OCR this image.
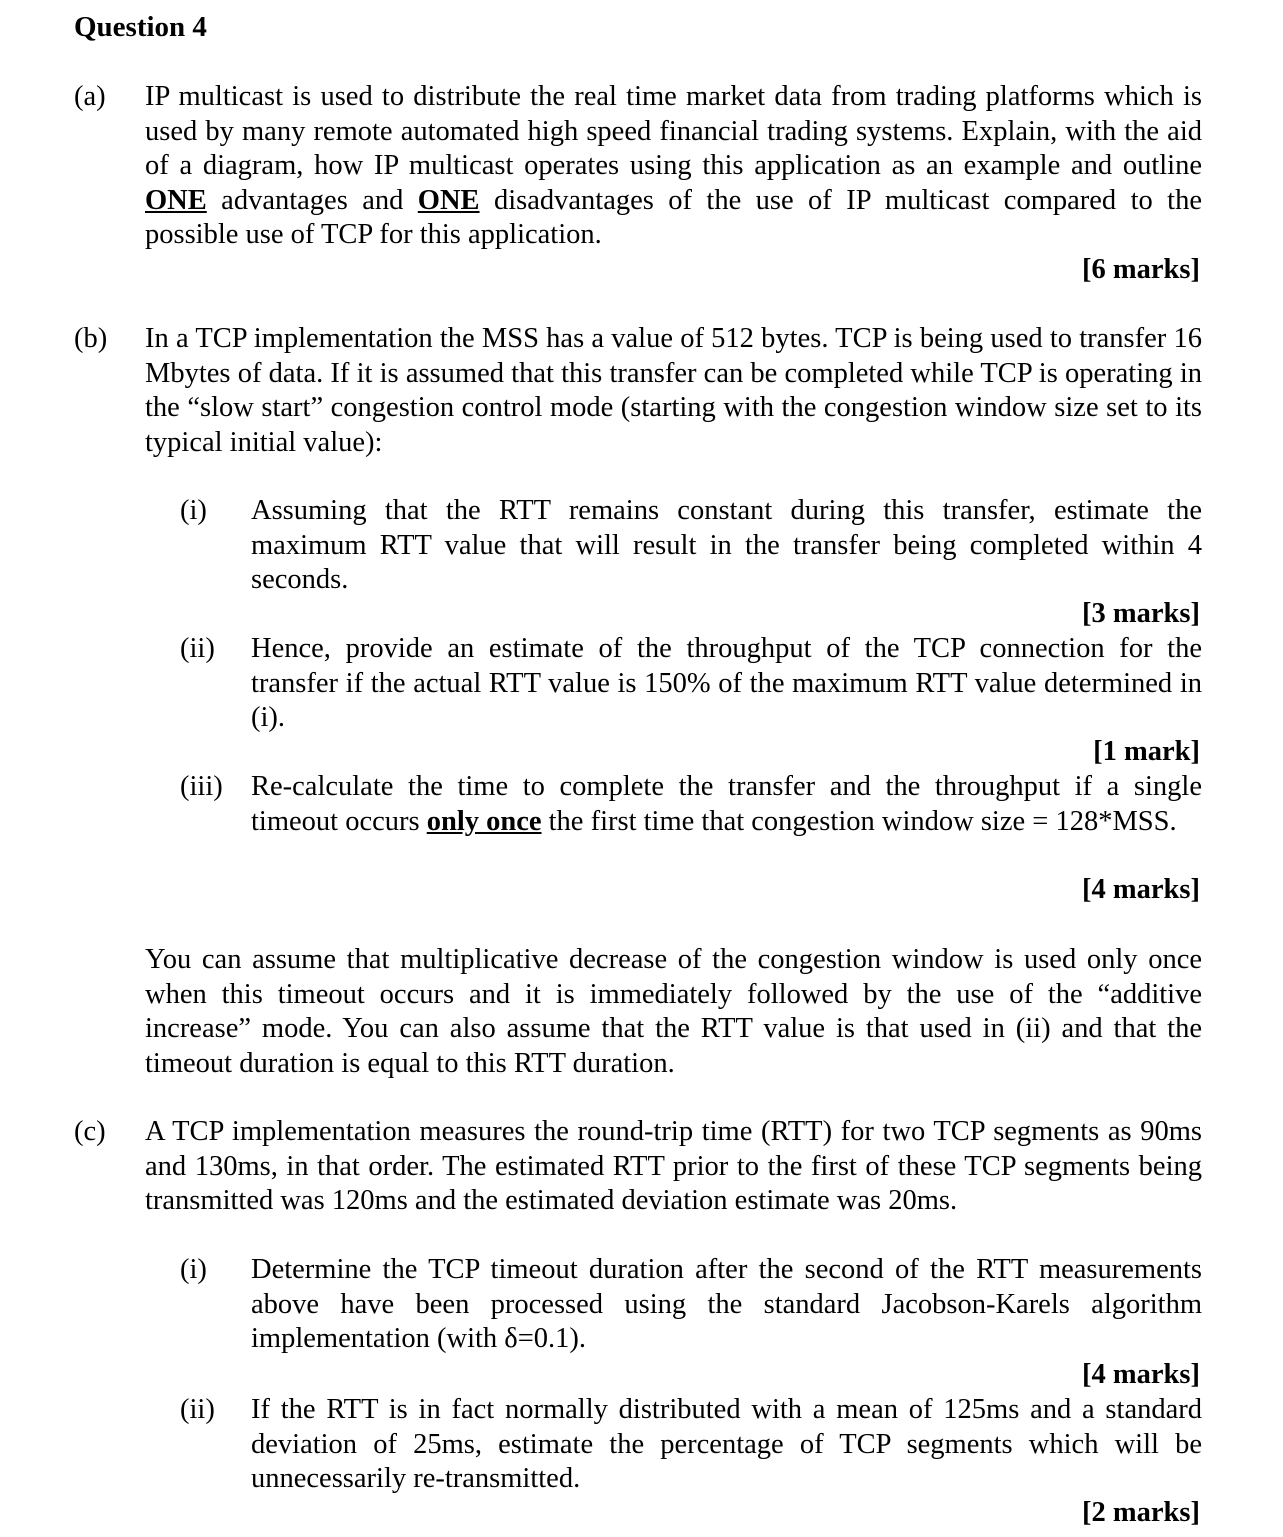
Question 4
(a) IP multicast is used to distribute the real time market data from trading platforms which is used by many remote automated high speed financial trading systems. Explain, with the aid of a diagram, how IP multicast operates using this application as an example and outline ONE advantages and ONE disadvantages of the use of IP multicast compared to the possible use of TCP for this application.
[6 marks]
(b) In a TCP implementation the MSS has a value of 512 bytes. TCP is being used to transfer 16 Mbytes of data. If it is assumed that this transfer can be completed while TCP is operating in the “slow start” congestion control mode (starting with the congestion window size set to its typical initial value):
(i) Assuming that the RTT remains constant during this transfer, estimate the maximum RTT value that will result in the transfer being completed within 4 seconds.
[3 marks]
(ii) Hence, provide an estimate of the throughput of the TCP connection for the transfer if the actual RTT value is 150% of the maximum RTT value determined in (i).
[1 mark]
(iii) Re-calculate the time to complete the transfer and the throughput if a single timeout occurs only once the first time that congestion window size = 128*MSS.
[4 marks]
You can assume that multiplicative decrease of the congestion window is used only once when this timeout occurs and it is immediately followed by the use of the “additive increase” mode. You can also assume that the RTT value is that used in (ii) and that the timeout duration is equal to this RTT duration.
(c) A TCP implementation measures the round-trip time (RTT) for two TCP segments as 90ms and 130ms, in that order. The estimated RTT prior to the first of these TCP segments being transmitted was 120ms and the estimated deviation estimate was 20ms.
(i) Determine the TCP timeout duration after the second of the RTT measurements above have been processed using the standard Jacobson-Karels algorithm implementation (with δ=0.1).
[4 marks]
(ii) If the RTT is in fact normally distributed with a mean of 125ms and a standard deviation of 25ms, estimate the percentage of TCP segments which will be unnecessarily re-transmitted.
[2 marks]
